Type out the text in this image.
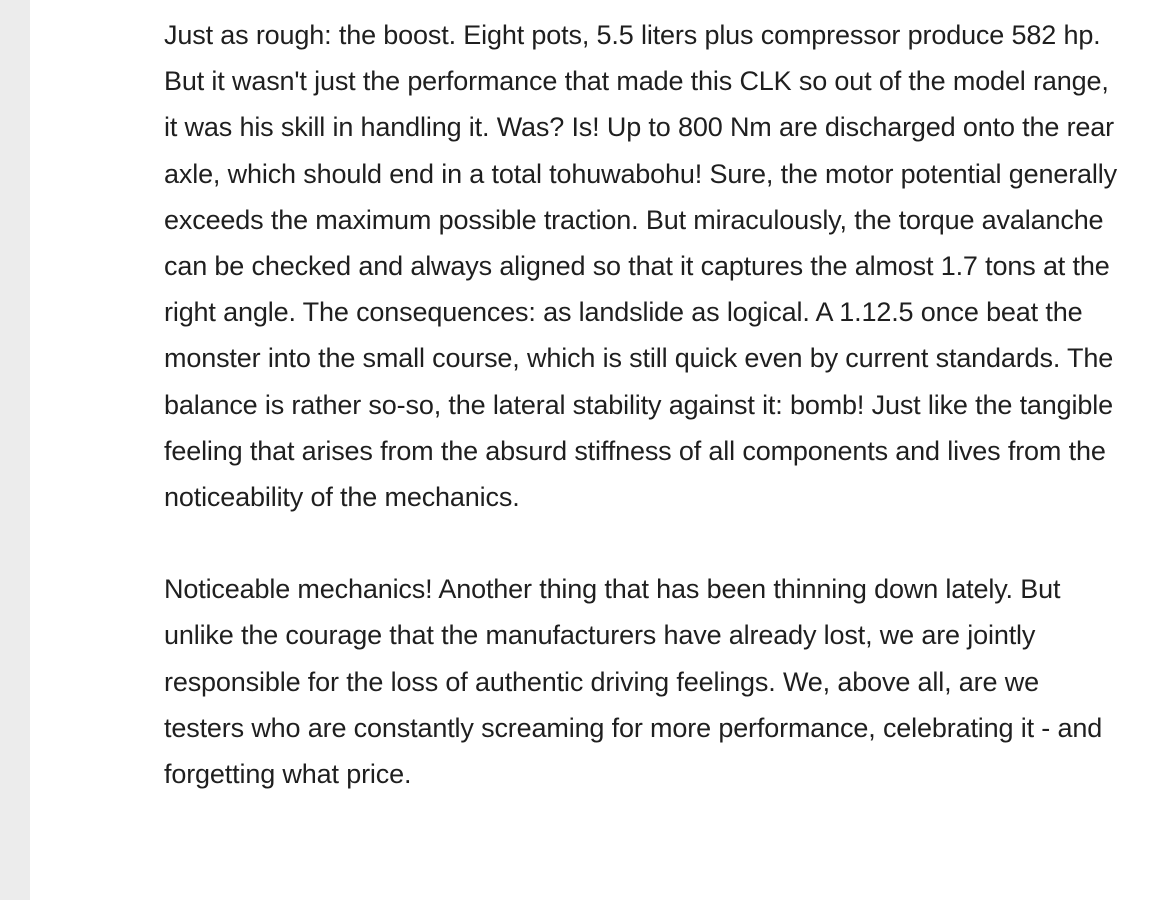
Just as rough: the boost. Eight pots, 5.5 liters plus compressor produce 582 hp. But it wasn't just the performance that made this CLK so out of the model range, it was his skill in handling it. Was? Is! Up to 800 Nm are discharged onto the rear axle, which should end in a total tohuwabohu! Sure, the motor potential generally exceeds the maximum possible traction. But miraculously, the torque avalanche can be checked and always aligned so that it captures the almost 1.7 tons at the right angle. The consequences: as landslide as logical. A 1.12.5 once beat the monster into the small course, which is still quick even by current standards. The balance is rather so-so, the lateral stability against it: bomb! Just like the tangible feeling that arises from the absurd stiffness of all components and lives from the noticeability of the mechanics.

Noticeable mechanics! Another thing that has been thinning down lately. But unlike the courage that the manufacturers have already lost, we are jointly responsible for the loss of authentic driving feelings. We, above all, are we testers who are constantly screaming for more performance, celebrating it - and forgetting what price.
